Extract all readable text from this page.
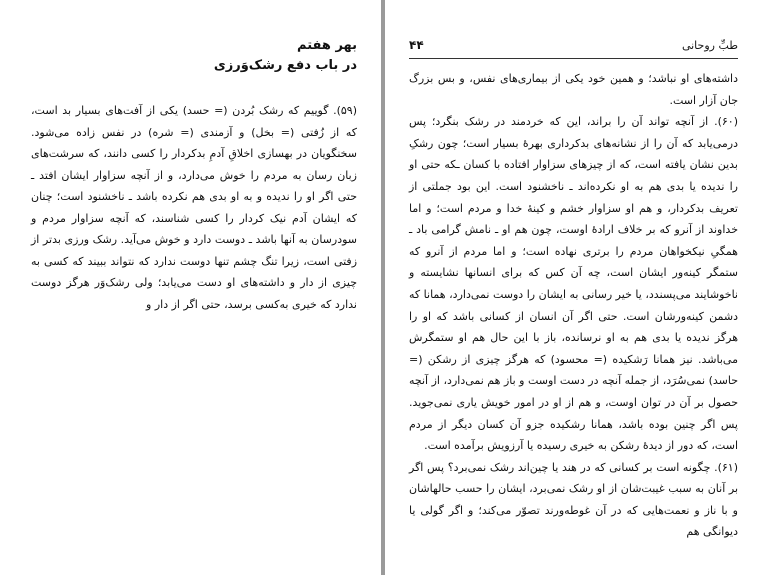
بهر هفتم
در باب دفع رشک‌وَرزی

(۵۹). گوییم که رشک بُردن (= حسد) یکی از آفت‌های بسیار بد است، که از زُفتی (= بخل) و آزمندی (= شره) در نفس زاده می‌شود. سخنگویان در بهسازی اخلاقِ آدمِ بدکردار را کسی دانند، که سرشت‌های زبان رسان به مردم را خوش می‌دارد، و از آنچه سزاوار ایشان افتد ـ حتی اگر او را ندیده و به او بدی هم نکرده باشد ـ ناخشنود است؛ چنان که ایشان آدم نیک کردار را کسی شناسند، که آنچه سزاوار مردم و سودرسان به آنها باشد ـ دوست دارد و خوش می‌آید. رشک ورزی بدتر از زفتی است، زیرا تنگ چشم تنها دوست ندارد که نتواند ببیند که کسی به چیزی از دار و داشته‌های او دست می‌یابد؛ ولی رشک‌وَر هرگز دوست ندارد که خیری به‌کسی برسد، حتی اگر از دار و

۴۴	طبِّ روحانی

داشته‌های او نباشد؛ و همین خود یکی از بیماری‌های نفس، و بس بزرگ جان آزار است.

(۶۰). از آنچه تواند آن را براند، این که خردمند در رشک بنگرد؛ پس درمی‌یابد که آن را از نشانه‌های بدکرداری بهرهٔ بسیار است؛ چون رشکِ بدین نشان یافته است، که از چیزهای سزاوار افتاده با کسان ـکه حتی او را ندیده یا بدی هم به او نکرده‌اند ـ ناخشنود است. این بود جملتی از تعریف بدکردار، و هم او سزاوار خشم و کینهٔ خدا و مردم است؛ و اما خداوند از آنرو که بر خلاف ارادهٔ اوست، چون هم او ـ نامش گرامی باد ـ همگیِ نیکخواهان مردم را برتری نهاده است؛ و اما مردم از آنرو که ستمگر کینه‌ور ایشان است، چه آن کس که برای انسانها نشایسته و ناخوشایند می‌پسندد، یا خیر رسانی به ایشان را دوست نمی‌دارد، همانا که دشمن کینه‌ورشان است. حتی اگر آن انسان از کسانی باشد که او را هرگز ندیده یا بدی هم به او نرسانده، باز با این حال هم او ستمگرش می‌باشد. نیز همانا رَشکیده (= محسود) که هرگز چیزی از رشکن (= حاسد) نمی‌سُرَد، از جمله آنچه در دست اوست و باز هم نمی‌دارد، از آنچه حصول بر آن در توان اوست، و هم از او در امور خویش یاری نمی‌جوید. پس اگر چنین بوده باشد، همانا رشکیده جزو آن کسان دیگر از مردم است، که دور از دیدهٔ رشکن به خیری رسیده یا آرزویش برآمده است.

(۶۱). چگونه است بر کسانی که در هند یا چین‌اند رشک نمی‌برد؟ پس اگر بر آنان به سبب غیبت‌شان از او رشک نمی‌برد، ایشان را حسب حالهاشان و با ناز و نعمت‌هایی که در آن غوطه‌ورند تصوّر می‌کند؛ و اگر گولی یا دیوانگی هم
